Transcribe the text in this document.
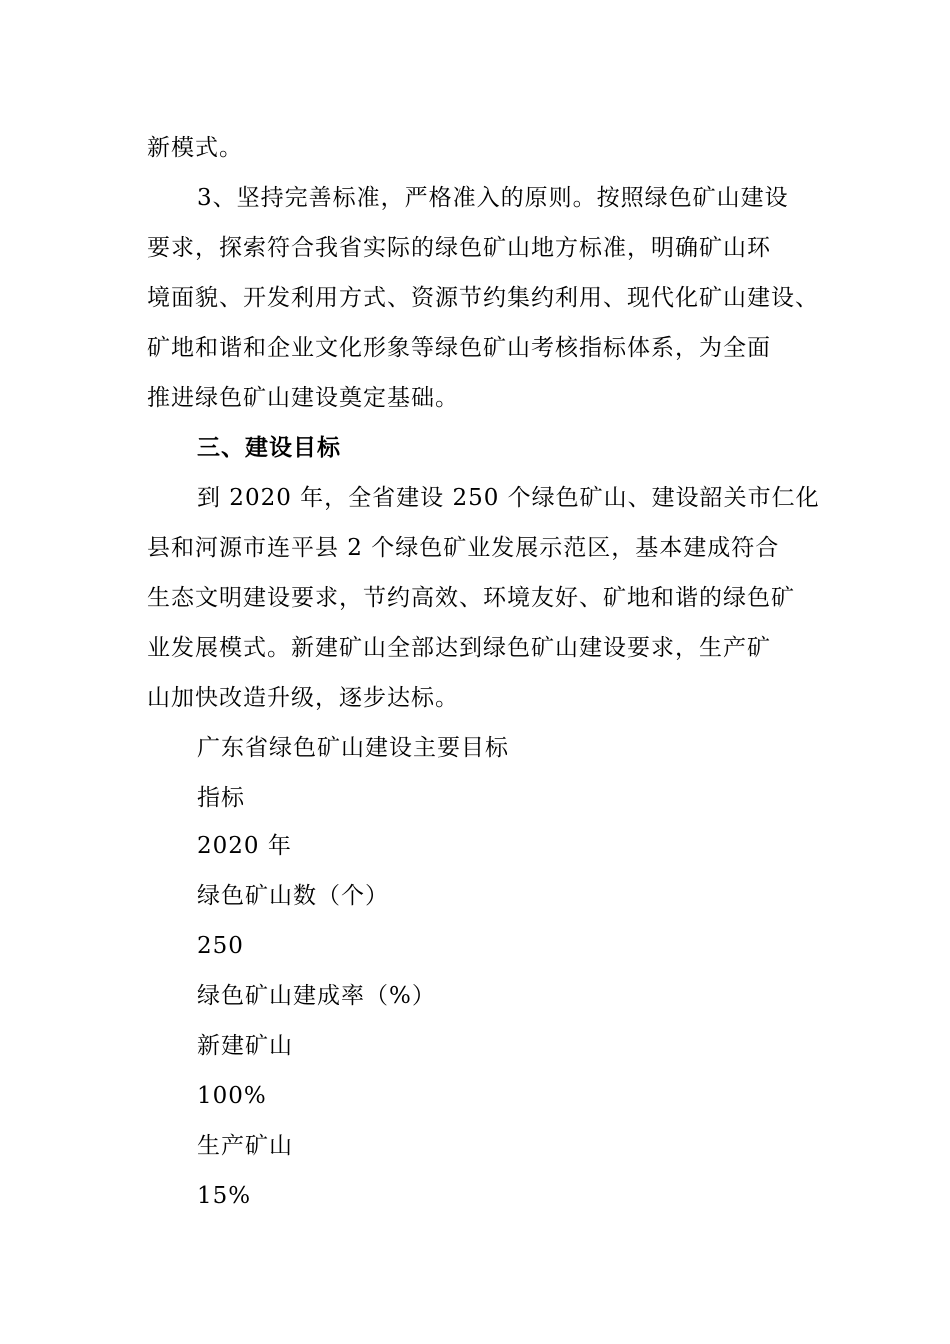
新模式。
3、坚持完善标准，严格准入的原则。按照绿色矿山建设
要求，探索符合我省实际的绿色矿山地方标准，明确矿山环
境面貌、开发利用方式、资源节约集约利用、现代化矿山建设、
矿地和谐和企业文化形象等绿色矿山考核指标体系，为全面
推进绿色矿山建设奠定基础。
三、建设目标
到 2020 年，全省建设 250 个绿色矿山、建设韶关市仁化
县和河源市连平县 2 个绿色矿业发展示范区，基本建成符合
生态文明建设要求，节约高效、环境友好、矿地和谐的绿色矿
业发展模式。新建矿山全部达到绿色矿山建设要求，生产矿
山加快改造升级，逐步达标。
广东省绿色矿山建设主要目标
指标
2020 年
绿色矿山数（个）
250
绿色矿山建成率（%）
新建矿山
100%
生产矿山
15%
